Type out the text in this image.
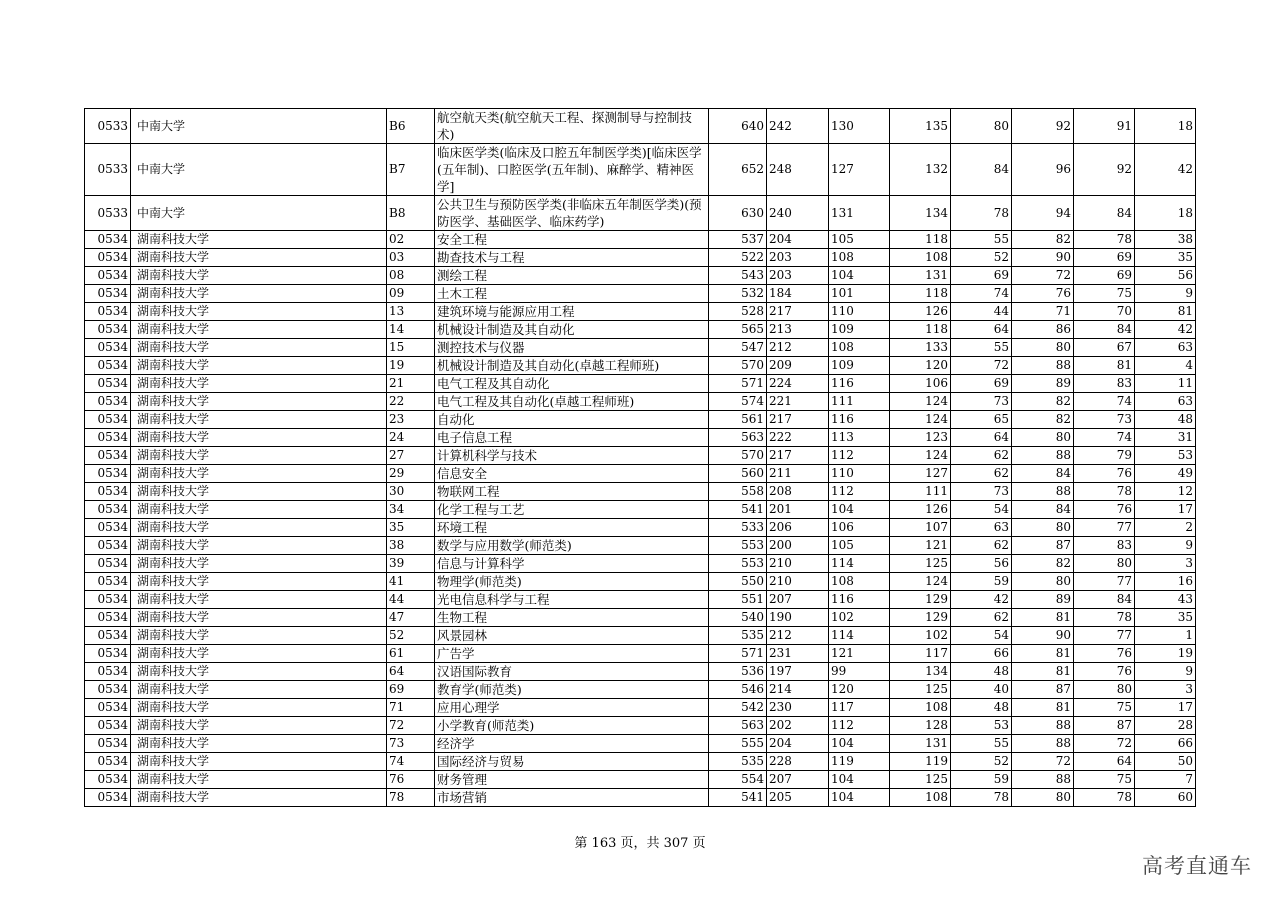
0533	中南大学	B6	航空航天类(航空航天工程、探测制导与控制技术)	640	242	130	135	80	92	91	18
0533	中南大学	B7	临床医学类(临床及口腔五年制医学类)[临床医学(五年制)、口腔医学(五年制)、麻醉学、精神医学]	652	248	127	132	84	96	92	42
0533	中南大学	B8	公共卫生与预防医学类(非临床五年制医学类)(预防医学、基础医学、临床药学)	630	240	131	134	78	94	84	18
0534	湖南科技大学	02	安全工程	537	204	105	118	55	82	78	38
0534	湖南科技大学	03	勘查技术与工程	522	203	108	108	52	90	69	35
0534	湖南科技大学	08	测绘工程	543	203	104	131	69	72	69	56
0534	湖南科技大学	09	土木工程	532	184	101	118	74	76	75	9
0534	湖南科技大学	13	建筑环境与能源应用工程	528	217	110	126	44	71	70	81
0534	湖南科技大学	14	机械设计制造及其自动化	565	213	109	118	64	86	84	42
0534	湖南科技大学	15	测控技术与仪器	547	212	108	133	55	80	67	63
0534	湖南科技大学	19	机械设计制造及其自动化(卓越工程师班)	570	209	109	120	72	88	81	4
0534	湖南科技大学	21	电气工程及其自动化	571	224	116	106	69	89	83	11
0534	湖南科技大学	22	电气工程及其自动化(卓越工程师班)	574	221	111	124	73	82	74	63
0534	湖南科技大学	23	自动化	561	217	116	124	65	82	73	48
0534	湖南科技大学	24	电子信息工程	563	222	113	123	64	80	74	31
0534	湖南科技大学	27	计算机科学与技术	570	217	112	124	62	88	79	53
0534	湖南科技大学	29	信息安全	560	211	110	127	62	84	76	49
0534	湖南科技大学	30	物联网工程	558	208	112	111	73	88	78	12
0534	湖南科技大学	34	化学工程与工艺	541	201	104	126	54	84	76	17
0534	湖南科技大学	35	环境工程	533	206	106	107	63	80	77	2
0534	湖南科技大学	38	数学与应用数学(师范类)	553	200	105	121	62	87	83	9
0534	湖南科技大学	39	信息与计算科学	553	210	114	125	56	82	80	3
0534	湖南科技大学	41	物理学(师范类)	550	210	108	124	59	80	77	16
0534	湖南科技大学	44	光电信息科学与工程	551	207	116	129	42	89	84	43
0534	湖南科技大学	47	生物工程	540	190	102	129	62	81	78	35
0534	湖南科技大学	52	风景园林	535	212	114	102	54	90	77	1
0534	湖南科技大学	61	广告学	571	231	121	117	66	81	76	19
0534	湖南科技大学	64	汉语国际教育	536	197	99	134	48	81	76	9
0534	湖南科技大学	69	教育学(师范类)	546	214	120	125	40	87	80	3
0534	湖南科技大学	71	应用心理学	542	230	117	108	48	81	75	17
0534	湖南科技大学	72	小学教育(师范类)	563	202	112	128	53	88	87	28
0534	湖南科技大学	73	经济学	555	204	104	131	55	88	72	66
0534	湖南科技大学	74	国际经济与贸易	535	228	119	119	52	72	64	50
0534	湖南科技大学	76	财务管理	554	207	104	125	59	88	75	7
0534	湖南科技大学	78	市场营销	541	205	104	108	78	80	78	60
第 163 页，共 307 页
高考直通车
